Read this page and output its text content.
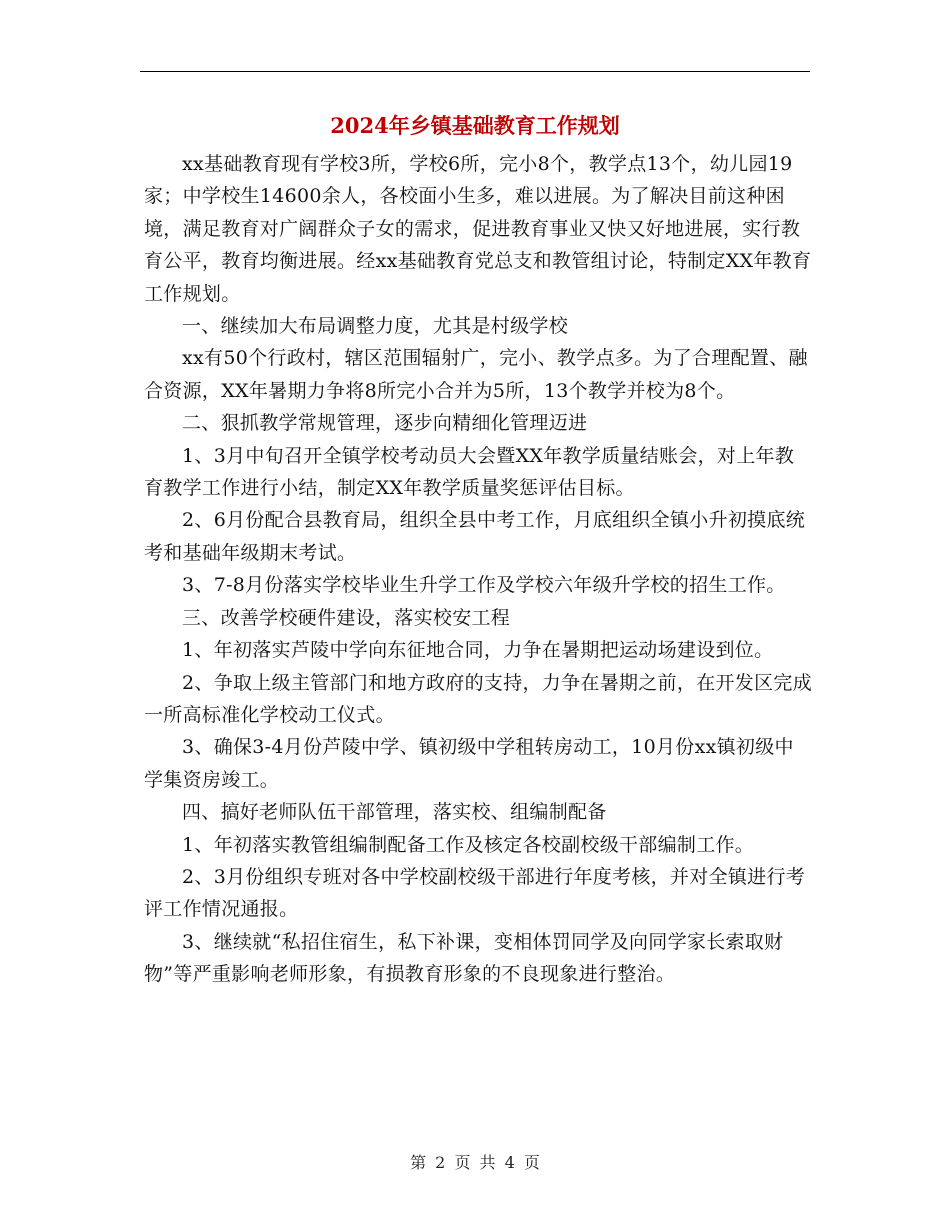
2024年乡镇基础教育工作规划

xx基础教育现有学校3所，学校6所，完小8个，教学点13个，幼儿园19家；中学校生14600余人，各校面小生多，难以进展。为了解决目前这种困境，满足教育对广阔群众子女的需求，促进教育事业又快又好地进展，实行教育公平，教育均衡进展。经xx基础教育党总支和教管组讨论，特制定XX年教育工作规划。

一、继续加大布局调整力度，尤其是村级学校

xx有50个行政村，辖区范围辐射广，完小、教学点多。为了合理配置、融合资源，XX年暑期力争将8所完小合并为5所，13个教学并校为8个。

二、狠抓教学常规管理，逐步向精细化管理迈进

1、3月中旬召开全镇学校考动员大会暨XX年教学质量结账会，对上年教育教学工作进行小结，制定XX年教学质量奖惩评估目标。

2、6月份配合县教育局，组织全县中考工作，月底组织全镇小升初摸底统考和基础年级期末考试。

3、7-8月份落实学校毕业生升学工作及学校六年级升学校的招生工作。

三、改善学校硬件建设，落实校安工程

1、年初落实芦陵中学向东征地合同，力争在暑期把运动场建设到位。

2、争取上级主管部门和地方政府的支持，力争在暑期之前，在开发区完成一所高标准化学校动工仪式。

3、确保3-4月份芦陵中学、镇初级中学租转房动工，10月份xx镇初级中学集资房竣工。

四、搞好老师队伍干部管理，落实校、组编制配备

1、年初落实教管组编制配备工作及核定各校副校级干部编制工作。

2、3月份组织专班对各中学校副校级干部进行年度考核，并对全镇进行考评工作情况通报。

3、继续就“私招住宿生，私下补课，变相体罚同学及向同学家长索取财物”等严重影响老师形象，有损教育形象的不良现象进行整治。

第 2 页 共 4 页
